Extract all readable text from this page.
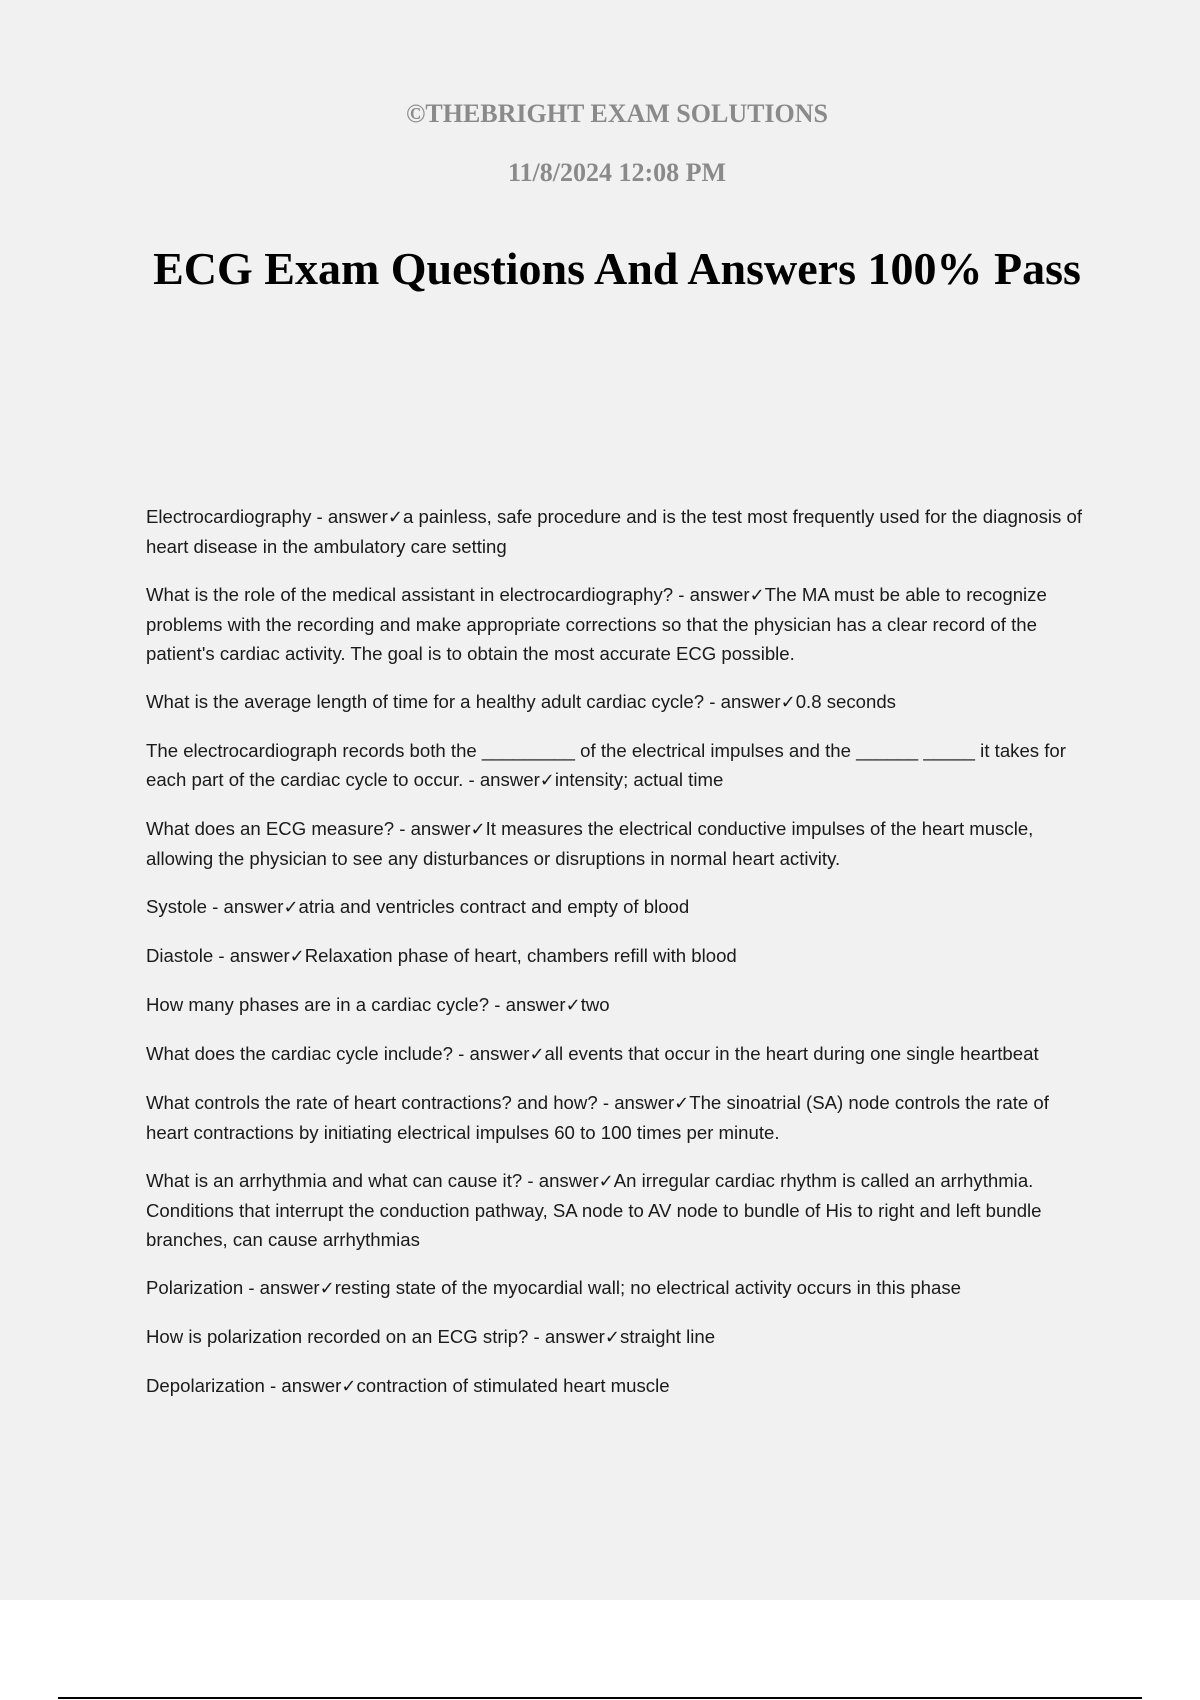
©THEBRIGHT EXAM SOLUTIONS

11/8/2024 12:08 PM

ECG Exam Questions And Answers 100% Pass
Electrocardiography - answer✓a painless, safe procedure and is the test most frequently used for the diagnosis of heart disease in the ambulatory care setting
What is the role of the medical assistant in electrocardiography? - answer✓The MA must be able to recognize problems with the recording and make appropriate corrections so that the physician has a clear record of the patient's cardiac activity. The goal is to obtain the most accurate ECG possible.
What is the average length of time for a healthy adult cardiac cycle? - answer✓0.8 seconds
The electrocardiograph records both the _________ of the electrical impulses and the ______ _____ it takes for each part of the cardiac cycle to occur. - answer✓intensity; actual time
What does an ECG measure? - answer✓It measures the electrical conductive impulses of the heart muscle, allowing the physician to see any disturbances or disruptions in normal heart activity.
Systole - answer✓atria and ventricles contract and empty of blood
Diastole - answer✓Relaxation phase of heart, chambers refill with blood
How many phases are in a cardiac cycle? - answer✓two
What does the cardiac cycle include? - answer✓all events that occur in the heart during one single heartbeat
What controls the rate of heart contractions? and how? - answer✓The sinoatrial (SA) node controls the rate of heart contractions by initiating electrical impulses 60 to 100 times per minute.
What is an arrhythmia and what can cause it? - answer✓An irregular cardiac rhythm is called an arrhythmia. Conditions that interrupt the conduction pathway, SA node to AV node to bundle of His to right and left bundle branches, can cause arrhythmias
Polarization - answer✓resting state of the myocardial wall; no electrical activity occurs in this phase
How is polarization recorded on an ECG strip? - answer✓straight line
Depolarization - answer✓contraction of stimulated heart muscle
